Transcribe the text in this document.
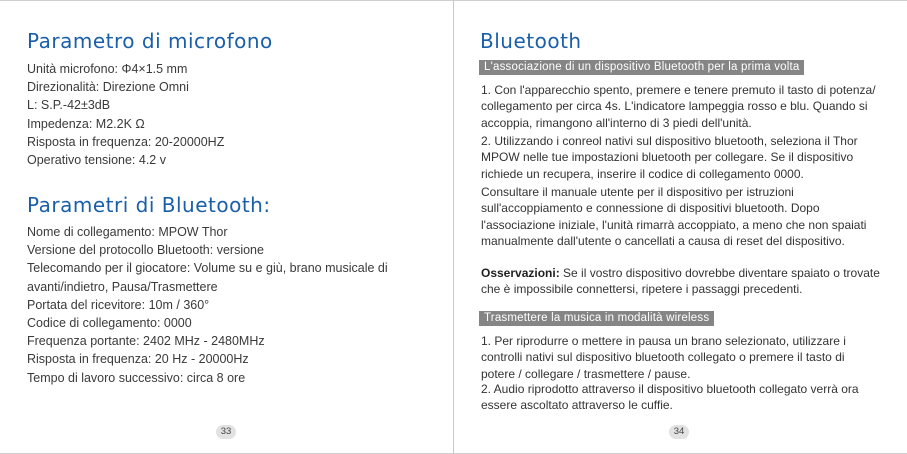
Parametro di microfono
Unità microfono: Φ4×1.5 mm
Direzionalità: Direzione Omni
L: S.P.-42±3dB
Impedenza: M2.2K Ω
Risposta in frequenza: 20-20000HZ
Operativo tensione: 4.2 v
Parametri di Bluetooth:
Nome di collegamento: MPOW Thor
Versione del protocollo Bluetooth: versione
Telecomando per il giocatore: Volume su e giù, brano musicale di avanti/indietro, Pausa/Trasmettere
Portata del ricevitore: 10m / 360°
Codice di collegamento: 0000
Frequenza portante: 2402 MHz - 2480MHz
Risposta in frequenza: 20 Hz - 20000Hz
Tempo di lavoro successivo: circa 8 ore
33
Bluetooth
L'associazione di un dispositivo Bluetooth per la prima volta

1. Con l'apparecchio spento, premere e tenere premuto il tasto di potenza/ collegamento per circa 4s. L'indicatore lampeggia rosso e blu. Quando si accoppia, rimangono all'interno di 3 piedi dell'unità.

2. Utilizzando i conreol nativi sul dispositivo bluetooth, seleziona il Thor MPOW nelle tue impostazioni bluetooth per collegare. Se il dispositivo richiede un recupera, inserire il codice di collegamento 0000.

Consultare il manuale utente per il dispositivo per istruzioni sull'accoppiamento e connessione di dispositivi bluetooth. Dopo l'associazione iniziale, l'unità rimarrà accoppiato, a meno che non spaiati manualmente dall'utente o cancellati a causa di reset del dispositivo.

Osservazioni: Se il vostro dispositivo dovrebbe diventare spaiato o trovate che è impossibile connettersi, ripetere i passaggi precedenti.

Trasmettere la musica in modalità wireless

1. Per riprodurre o mettere in pausa un brano selezionato, utilizzare i controlli nativi sul dispositivo bluetooth collegato o premere il tasto di potere / collegare / trasmettere / pause.

2. Audio riprodotto attraverso il dispositivo bluetooth collegato verrà ora essere ascoltato attraverso le cuffie.

34
